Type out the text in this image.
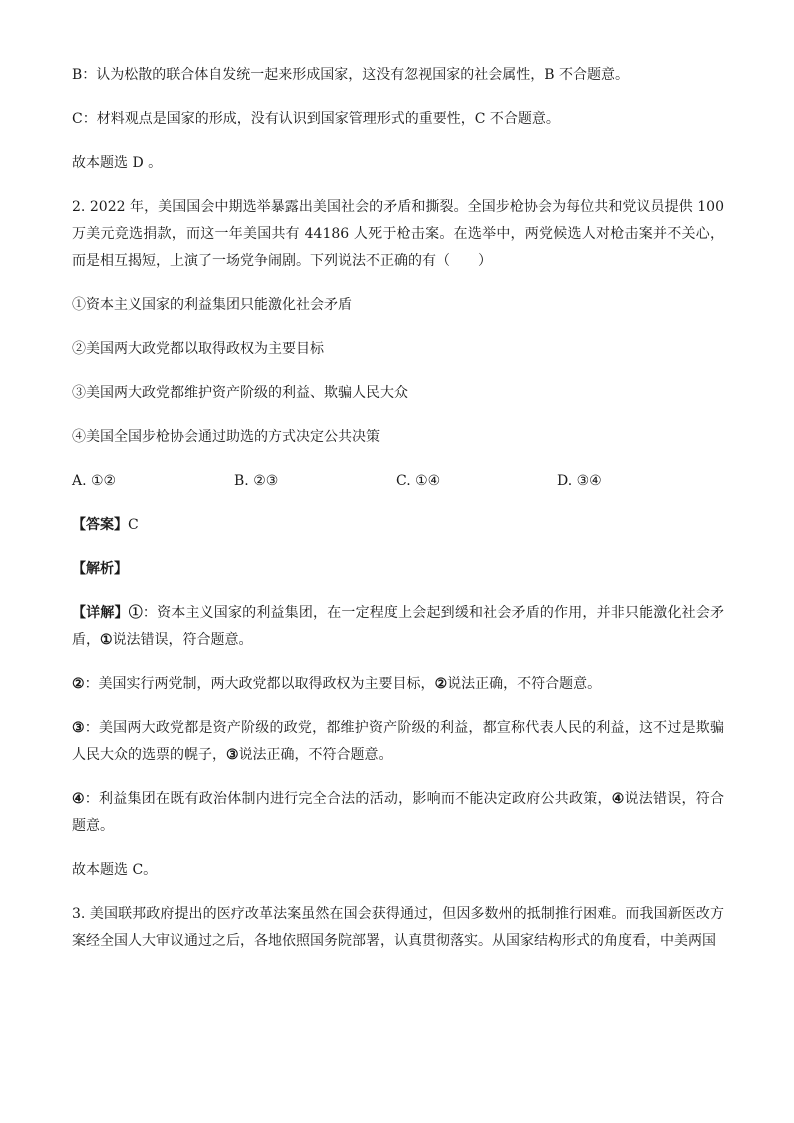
B：认为松散的联合体自发统一起来形成国家，这没有忽视国家的社会属性，B 不合题意。

C：材料观点是国家的形成，没有认识到国家管理形式的重要性，C 不合题意。

故本题选 D 。

2. 2022 年，美国国会中期选举暴露出美国社会的矛盾和撕裂。全国步枪协会为每位共和党议员提供 100 万美元竞选捐款，而这一年美国共有 44186 人死于枪击案。在选举中，两党候选人对枪击案并不关心，而是相互揭短，上演了一场党争闹剧。下列说法不正确的有（　　）

①资本主义国家的利益集团只能激化社会矛盾

②美国两大政党都以取得政权为主要目标

③美国两大政党都维护资产阶级的利益、欺骗人民大众

④美国全国步枪协会通过助选的方式决定公共决策

A. ①②	B. ②③	C. ①④	D. ③④

【答案】C

【解析】

【详解】①：资本主义国家的利益集团，在一定程度上会起到缓和社会矛盾的作用，并非只能激化社会矛盾，①说法错误，符合题意。

②：美国实行两党制，两大政党都以取得政权为主要目标，②说法正确，不符合题意。

③：美国两大政党都是资产阶级的政党，都维护资产阶级的利益，都宣称代表人民的利益，这不过是欺骗人民大众的选票的幌子，③说法正确，不符合题意。

④：利益集团在既有政治体制内进行完全合法的活动，影响而不能决定政府公共政策，④说法错误，符合题意。

故本题选 C。

3. 美国联邦政府提出的医疗改革法案虽然在国会获得通过，但因多数州的抵制推行困难。而我国新医改方案经全国人大审议通过之后，各地依照国务院部署，认真贯彻落实。从国家结构形式的角度看，中美两国
